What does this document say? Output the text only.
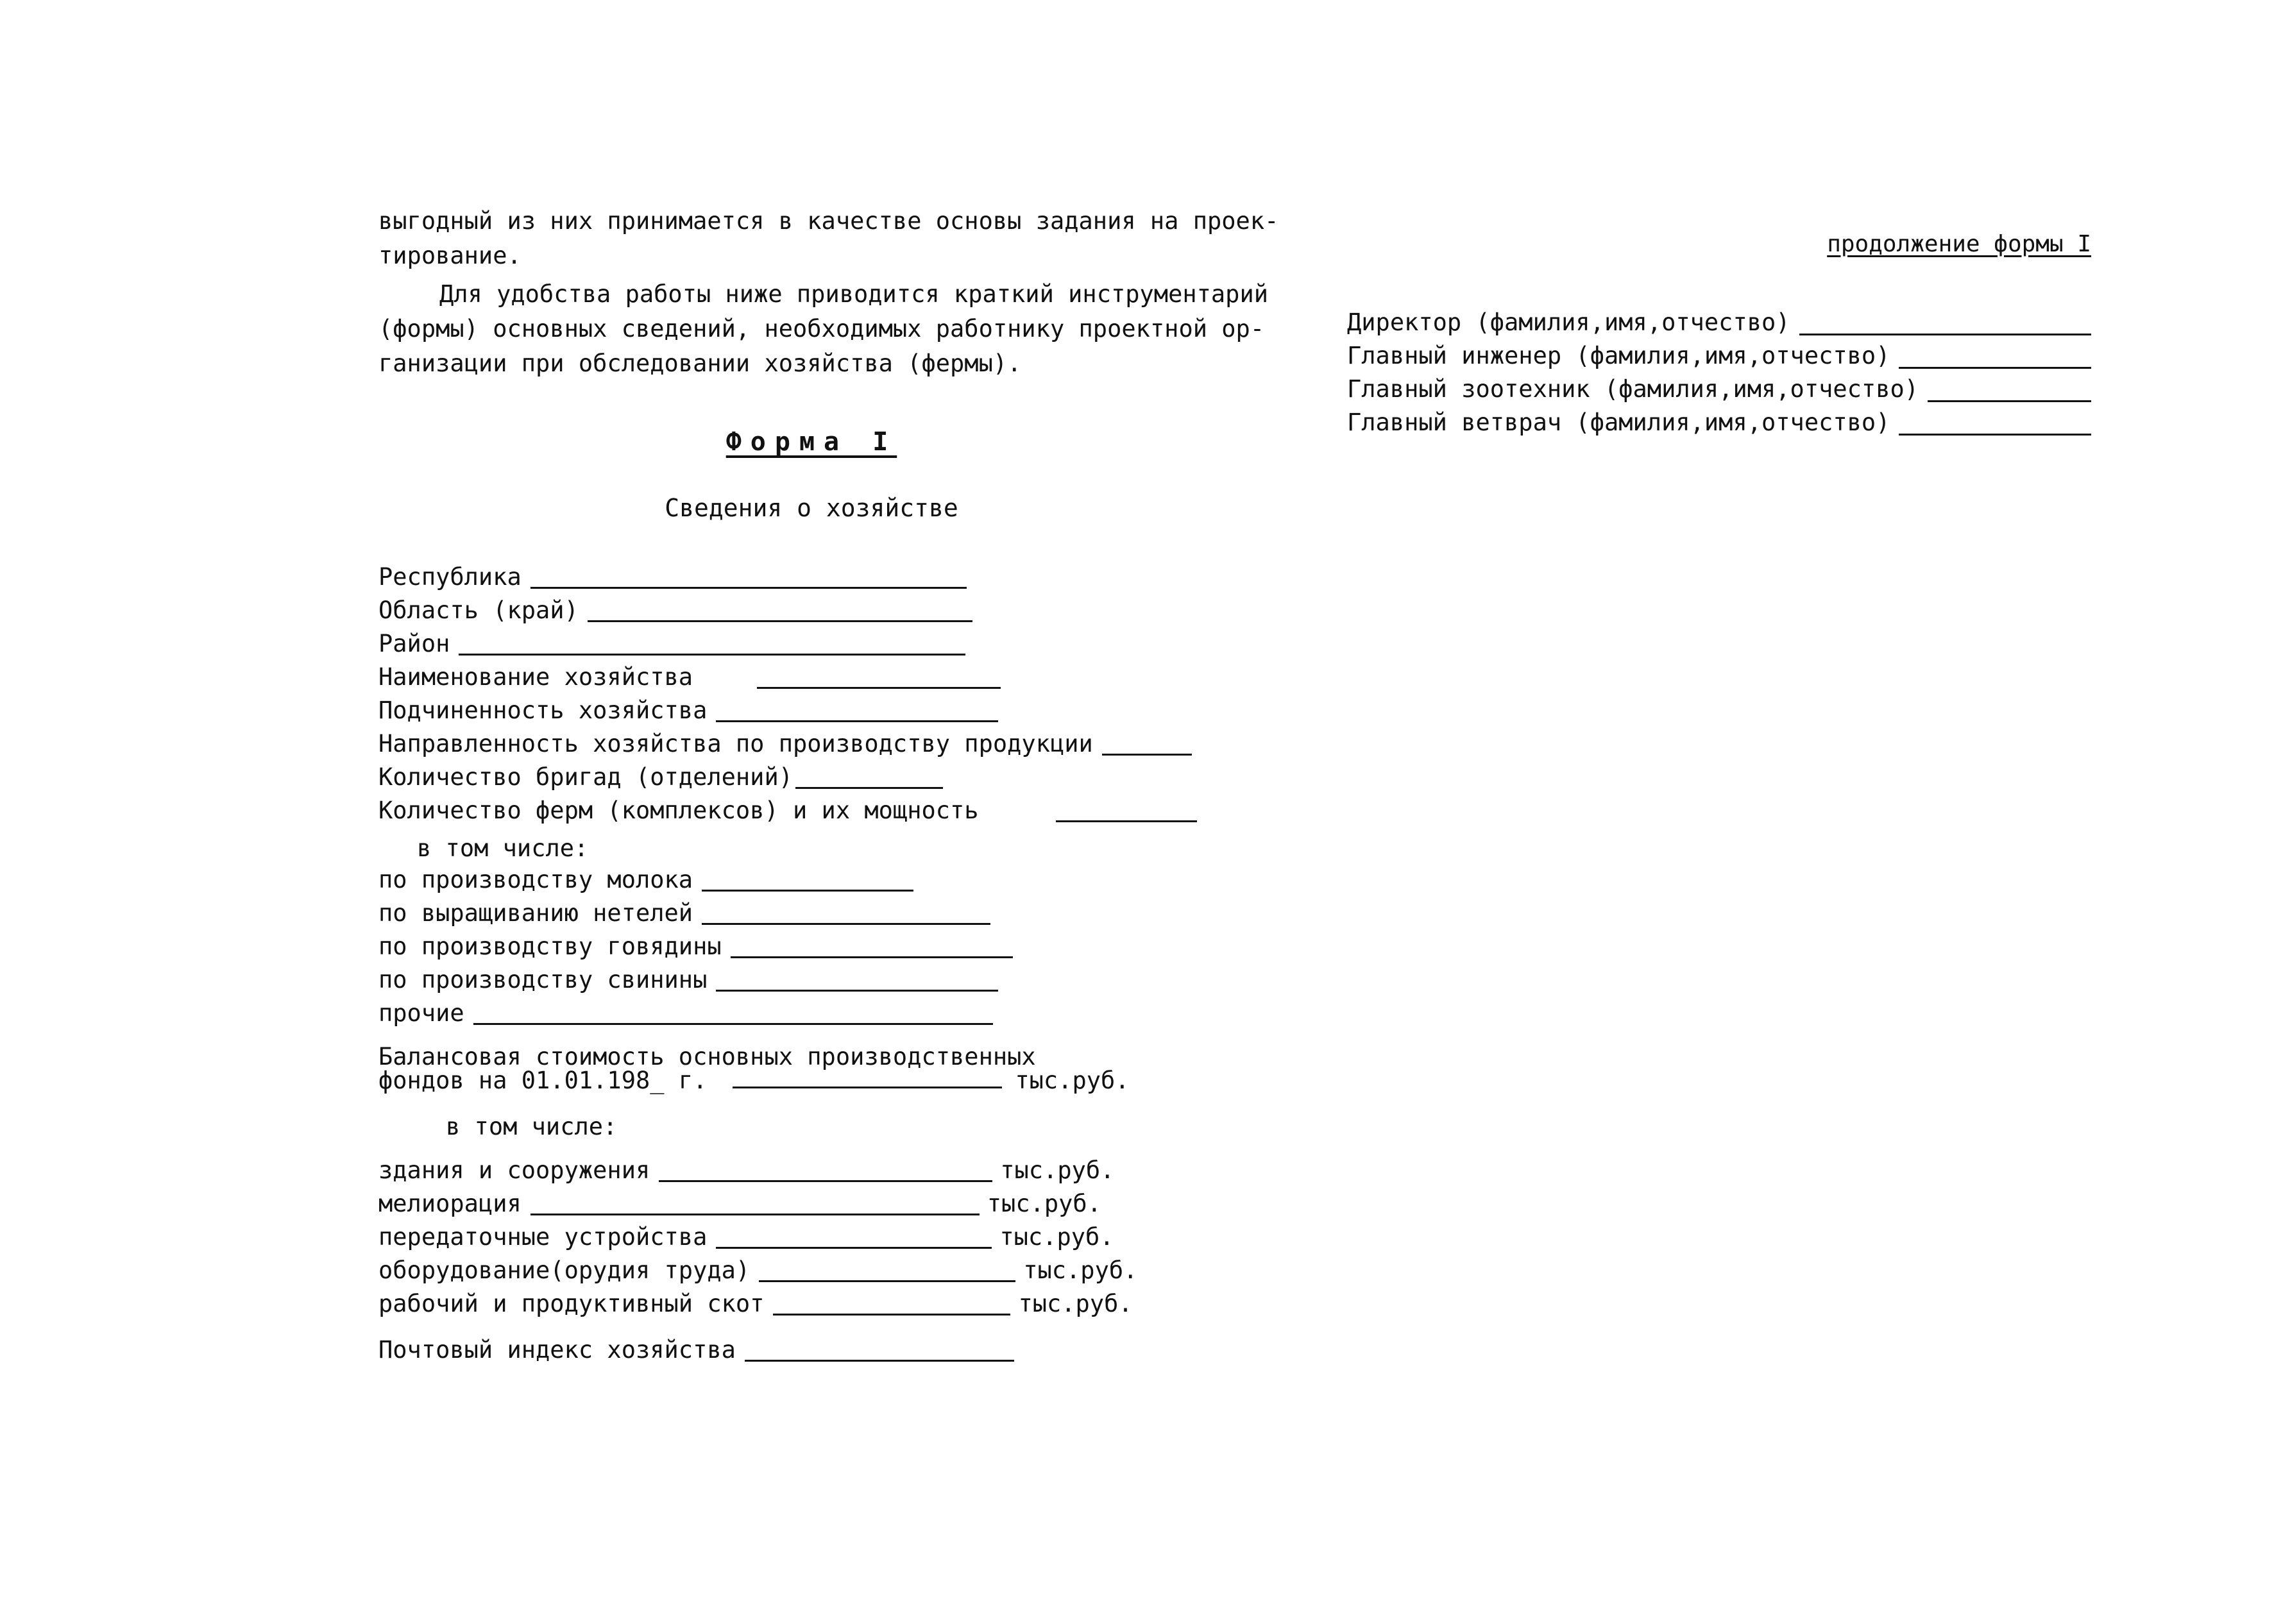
выгодный из них принимается в качестве основы задания на проек-

тирование.

Для удобства работы ниже приводится краткий инструментарий

(формы) основных сведений, необходимых работнику проектной ор-

ганизации при обследовании хозяйства (фермы).

Форма I
Сведения о хозяйстве
Республика
Область (край)
Район
Наименование хозяйства
Подчиненность хозяйства
Направленность хозяйства по производству продукции
Количество бригад (отделений)
Количество ферм (комплексов) и их мощность
в том числе:
по производству молока
по выращиванию нетелей
по производству говядины
по производству свинины
прочие
Балансовая стоимость основных производственных
фондов на 01.01.198_ г.	тыс.руб.
в том числе:
здания и сооружения	тыс.руб.
мелиорация	тыс.руб.
передаточные устройства	тыс.руб.
оборудование(орудия труда)	тыс.руб.
рабочий и продуктивный скот	тыс.руб.
Почтовый индекс хозяйства
продолжение формы I
Директор (фамилия,имя,отчество)
Главный инженер (фамилия,имя,отчество)
Главный зоотехник (фамилия,имя,отчество)
Главный ветврач (фамилия,имя,отчество)
